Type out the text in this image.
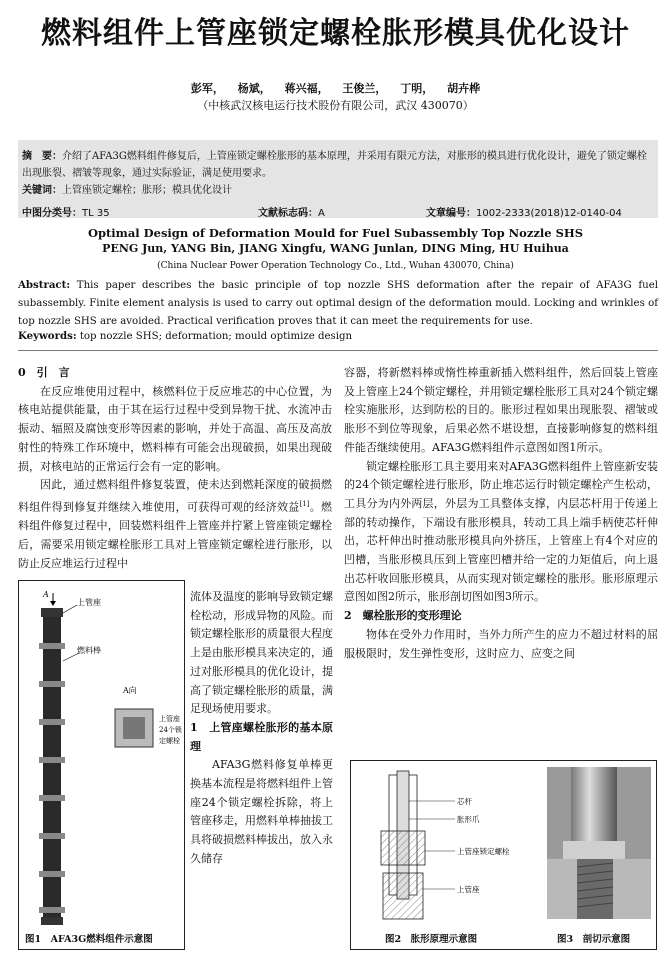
燃料组件上管座锁定螺栓胀形模具优化设计
彭军， 杨斌， 蒋兴福， 王俊兰， 丁明， 胡卉桦
（中核武汉核电运行技术股份有限公司，武汉 430070）

摘　要：介绍了AFA3G燃料组件修复后，上管座锁定螺栓胀形的基本原理，并采用有限元方法，对胀形的模具进行优化设计，避免了锁定螺栓出现胀裂、褶皱等现象，通过实际验证，满足使用要求。

关键词：上管座锁定螺栓；胀形；模具优化设计

中图分类号：TL 35	文献标志码：A	文章编号：1002-2333(2018)12-0140-04
Optimal Design of Deformation Mould for Fuel Subassembly Top Nozzle SHS
PENG Jun, YANG Bin, JIANG Xingfu, WANG Junlan, DING Ming, HU Huihua
(China Nuclear Power Operation Technology Co., Ltd., Wuhan 430070, China)
Abstract: This paper describes the basic principle of top nozzle SHS deformation after the repair of AFA3G fuel subassembly. Finite element analysis is used to carry out optimal design of the deformation mould. Locking and wrinkles of top nozzle SHS are avoided. Practical verification proves that it can meet the requirements for use.
Keywords: top nozzle SHS; deformation; mould optimize design

0　引　言

在反应堆使用过程中，核燃料位于反应堆芯的中心位置，为核电站提供能量，由于其在运行过程中受到异物干扰、水流冲击振动、辐照及腐蚀变形等因素的影响，并处于高温、高压及高放射性的特殊工作环境中，燃料棒有可能会出现破损，如果出现破损，对核电站的正常运行会有一定的影响。

因此，通过燃料组件修复装置，使未达到燃耗深度的破损燃料组件得到修复并继续入堆使用，可获得可观的经济效益[1]。燃料组件修复过程中，回装燃料组件上管座并拧紧上管座锁定螺栓后，需要采用锁定螺栓胀形工具对上管座锁定螺栓进行胀形，以防止反应堆运行过程中

A
上管座
燃料棒
A向
上管座
24个锁
定螺栓
图1　AFA3G燃料组件示意图

流体及温度的影响导致锁定螺栓松动，形成异物的风险。而锁定螺栓胀形的质量很大程度上是由胀形模具来决定的，通过对胀形模具的优化设计，提高了锁定螺栓胀形的质量，满足现场使用要求。

1　上管座螺栓胀形的基本原理

AFA3G燃料修复单棒更换基本流程是将燃料组件上管座24个锁定螺栓拆除，将上管座移走，用燃料单棒抽拔工具将破损燃料棒拔出，放入永久储存

容器，将新燃料棒或惰性棒重新插入燃料组件，然后回装上管座及上管座上24个锁定螺栓，并用锁定螺栓胀形工具对24个锁定螺栓实施胀形，达到防松的目的。胀形过程如果出现胀裂、褶皱或胀形不到位等现象，后果必然不堪设想，直接影响修复的燃料组件能否继续使用。AFA3G燃料组件示意图如图1所示。

锁定螺栓胀形工具主要用来对AFA3G燃料组件上管座新安装的24个锁定螺栓进行胀形，防止堆芯运行时锁定螺栓产生松动，工具分为内外两层，外层为工具整体支撑，内层芯杆用于传递上部的转动操作，下端设有胀形模具，转动工具上端手柄使芯杆伸出，芯杆伸出时推动胀形模具向外挤压，上管座上有4个对应的凹槽，当胀形模具压到上管座凹槽并给一定的力矩值后，向上退出芯杆收回胀形模具，从而实现对锁定螺栓的胀形。胀形原理示意图如图2所示，胀形剖切图如图3所示。

2　螺栓胀形的变形理论

物体在受外力作用时，当外力所产生的应力不超过材料的屈服极限时，发生弹性变形，这时应力、应变之间

芯杆
胀形爪
上管座锁定螺栓
上管座
图2　胀形原理示意图	图3　剖切示意图
